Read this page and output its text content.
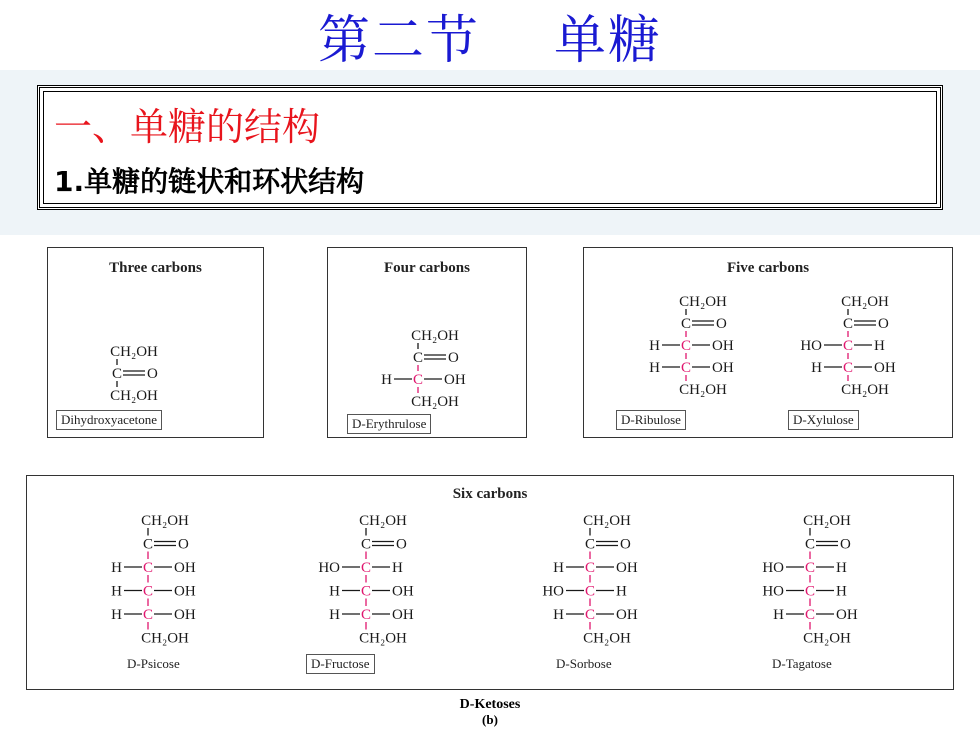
第二节    单糖
一、单糖的结构
1.单糖的链状和环状结构
Three carbons	Four carbons	Five carbons
Six carbons
CH₂OH
C O
CH₂OH
CH₂OH
C O
C
H	OH
CH₂OH
CH₂OH
C O
C
H	OH
C
H	OH
CH₂OH
CH₂OH
C O
C
HO	H
C
H	OH
CH₂OH
CH₂OH
C O
C
H	OH
C
H	OH
C
H	OH
CH₂OH
CH₂OH
C O
C
HO	H
C
H	OH
C
H	OH
CH₂OH
CH₂OH
C O
C
H	OH
C
HO	H
C
H	OH
CH₂OH
CH₂OH
C O
C
HO	H
C
HO	H
C
H	OH
CH₂OH
Dihydroxyacetone	D-Erythrulose	D-Ribulose	D-Xylulose
D-Psicose	D-Fructose	D-Sorbose	D-Tagatose
D-Ketoses
(b)
